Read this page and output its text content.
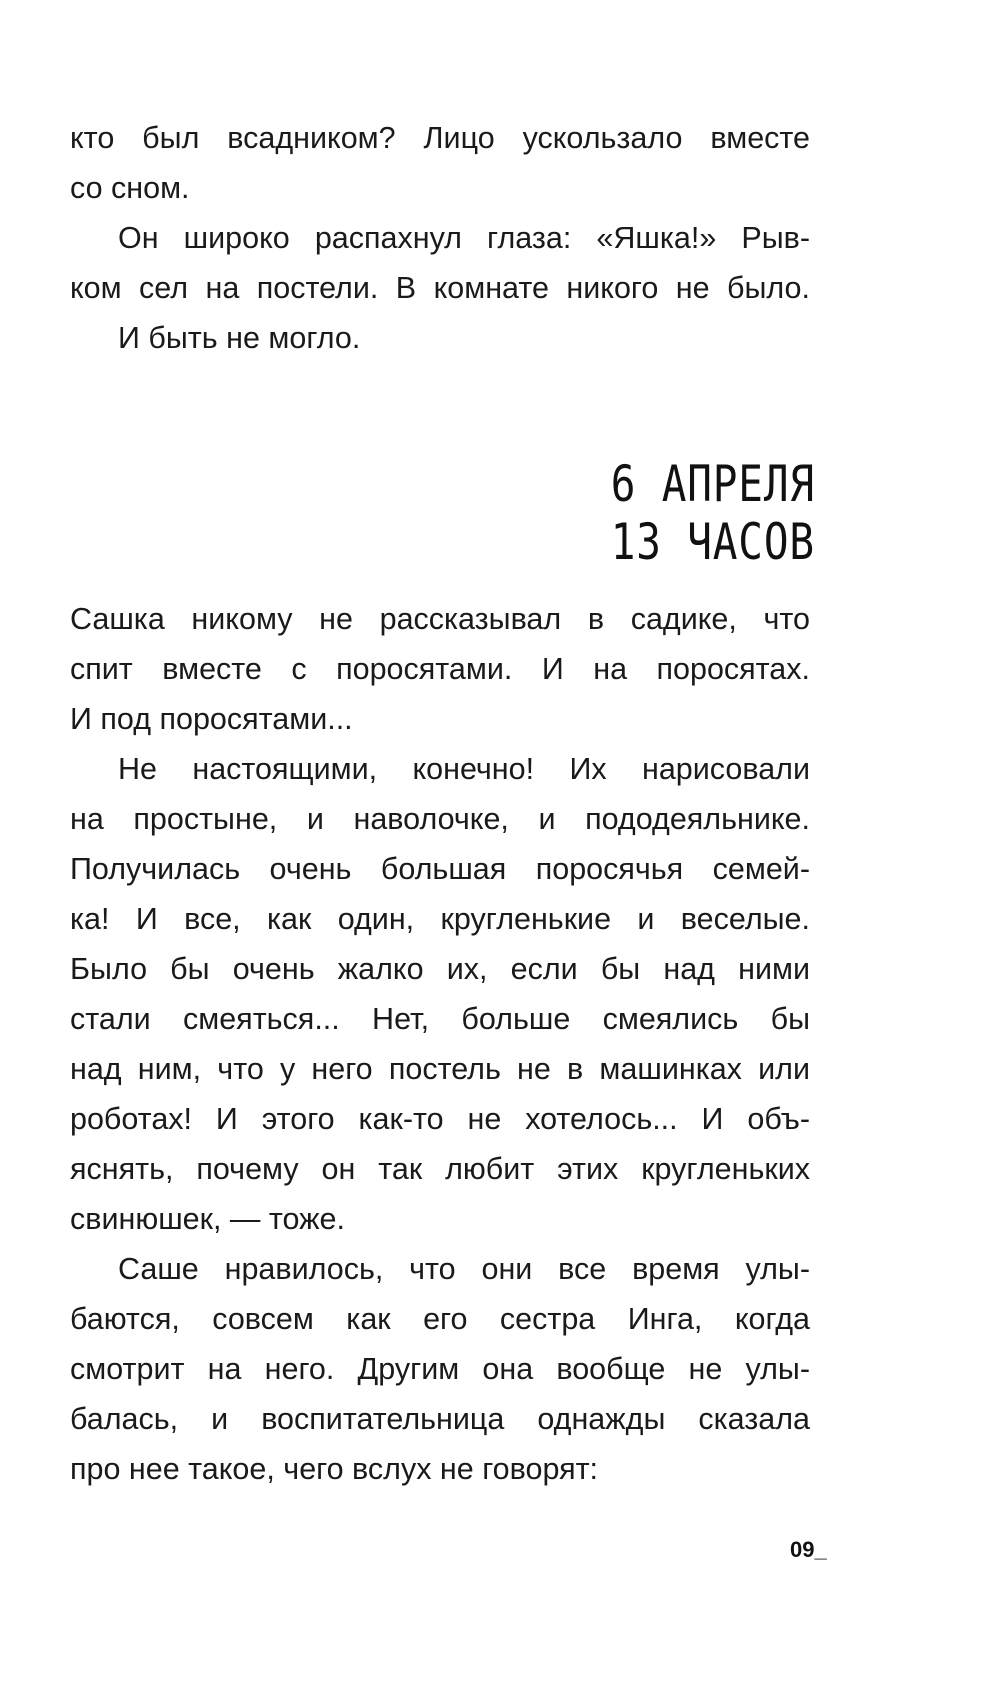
кто был всадником? Лицо ускользало вместе
со сном.
Он широко распахнул глаза: «Яшка!» Рыв-
ком сел на постели. В комнате никого не было.
И быть не могло.
6 АПРЕЛЯ
13 ЧАСОВ
Сашка никому не рассказывал в садике, что
спит вместе с поросятами. И на поросятах.
И под поросятами...
Не настоящими, конечно! Их нарисовали
на простыне, и наволочке, и пододеяльнике.
Получилась очень большая поросячья семей-
ка! И все, как один, кругленькие и веселые.
Было бы очень жалко их, если бы над ними
стали смеяться... Нет, больше смеялись бы
над ним, что у него постель не в машинках или
роботах! И этого как-то не хотелось... И объ-
яснять, почему он так любит этих кругленьких
свинюшек, — тоже.
Саше нравилось, что они все время улы-
баются, совсем как его сестра Инга, когда
смотрит на него. Другим она вообще не улы-
балась, и воспитательница однажды сказала
про нее такое, чего вслух не говорят:
09_
